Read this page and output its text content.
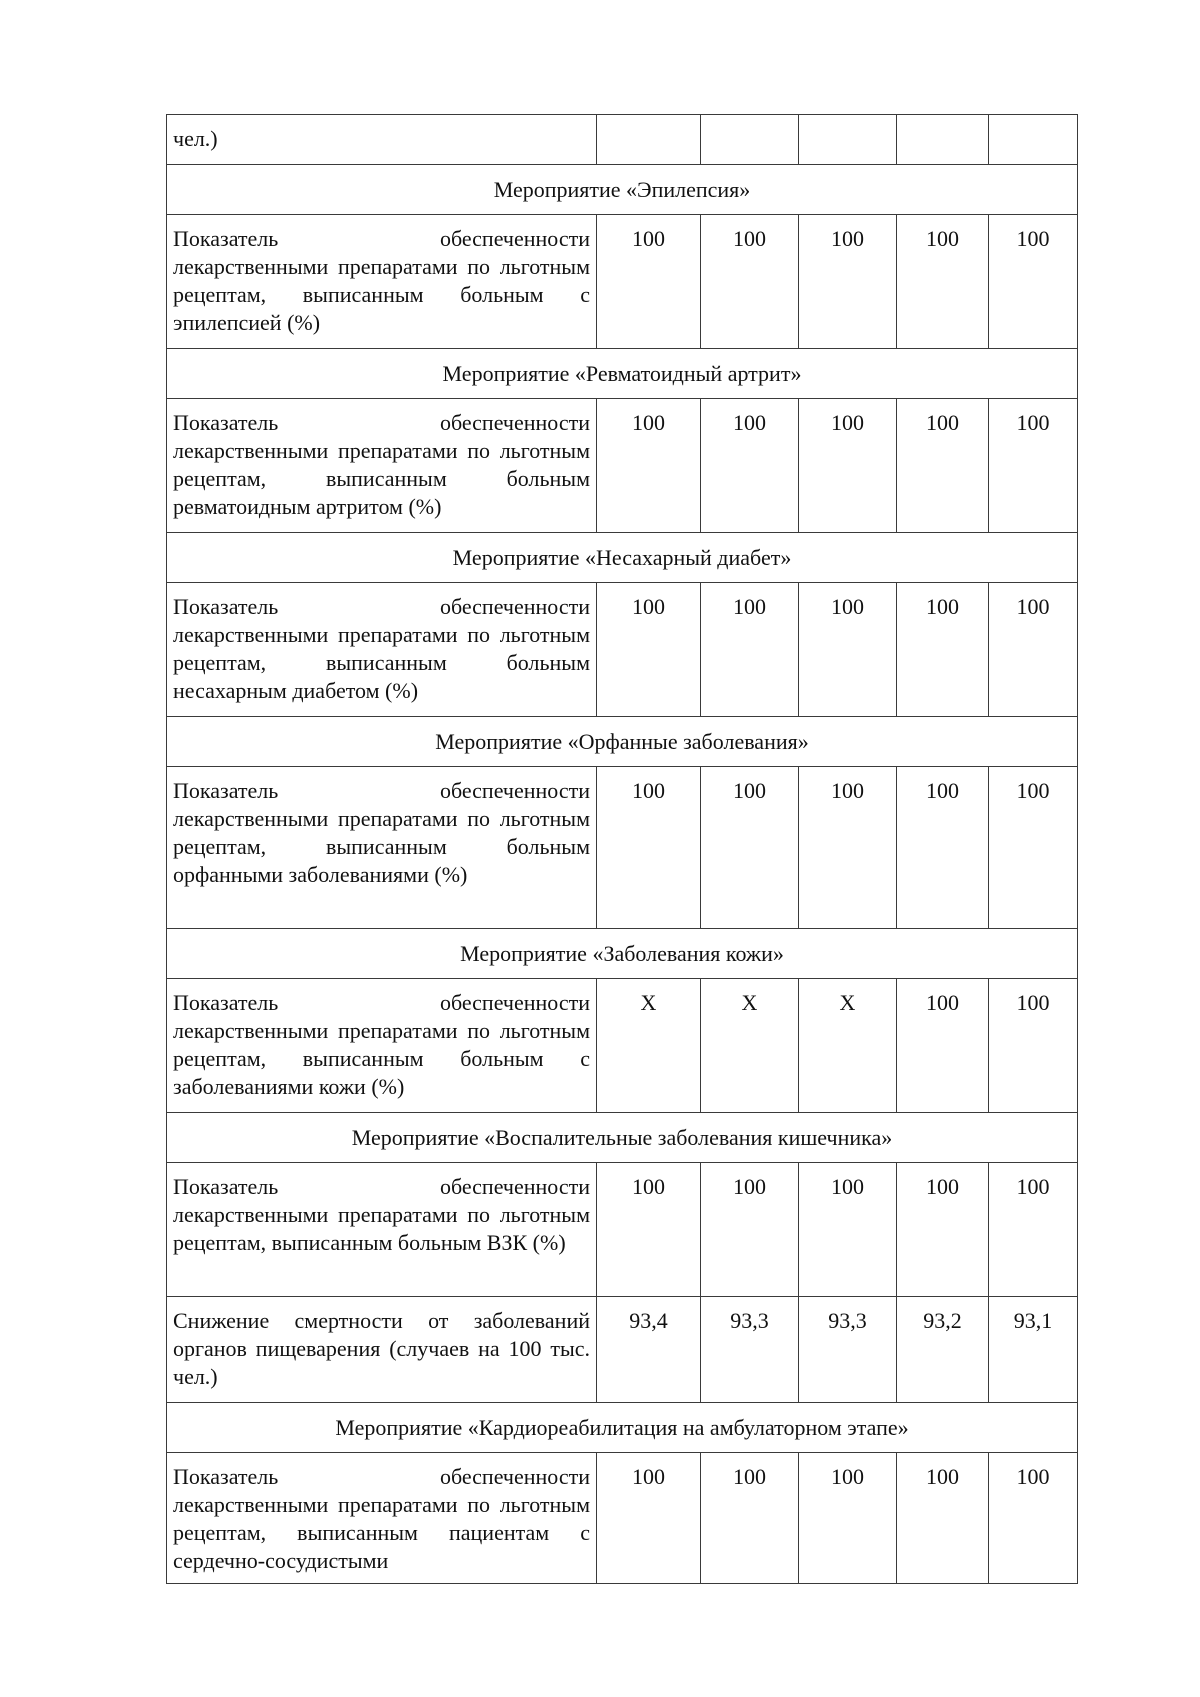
чел.)					
Мероприятие «Эпилепсия»					
Показатель обеспеченности лекарственными препаратами по льготным рецептам, выписанным больным с эпилепсией (%)	100	100	100	100	100
Мероприятие «Ревматоидный артрит»					
Показатель обеспеченности лекарственными препаратами по льготным рецептам, выписанным больным ревматоидным артритом (%)	100	100	100	100	100
Мероприятие «Несахарный диабет»					
Показатель обеспеченности лекарственными препаратами по льготным рецептам, выписанным больным несахарным диабетом (%)	100	100	100	100	100
Мероприятие «Орфанные заболевания»					
Показатель обеспеченности лекарственными препаратами по льготным рецептам, выписанным больным орфанными заболеваниями (%)	100	100	100	100	100
Мероприятие «Заболевания кожи»					
Показатель обеспеченности лекарственными препаратами по льготным рецептам, выписанным больным с заболеваниями кожи (%)	Х	Х	Х	100	100
Мероприятие «Воспалительные заболевания кишечника»					
Показатель обеспеченности лекарственными препаратами по льготным рецептам, выписанным больным ВЗК (%)	100	100	100	100	100
Снижение смертности от заболеваний органов пищеварения (случаев на 100 тыс. чел.)	93,4	93,3	93,3	93,2	93,1
Мероприятие «Кардиореабилитация на амбулаторном этапе»					
Показатель обеспеченности лекарственными препаратами по льготным рецептам, выписанным пациентам с сердечно-сосудистыми	100	100	100	100	100
